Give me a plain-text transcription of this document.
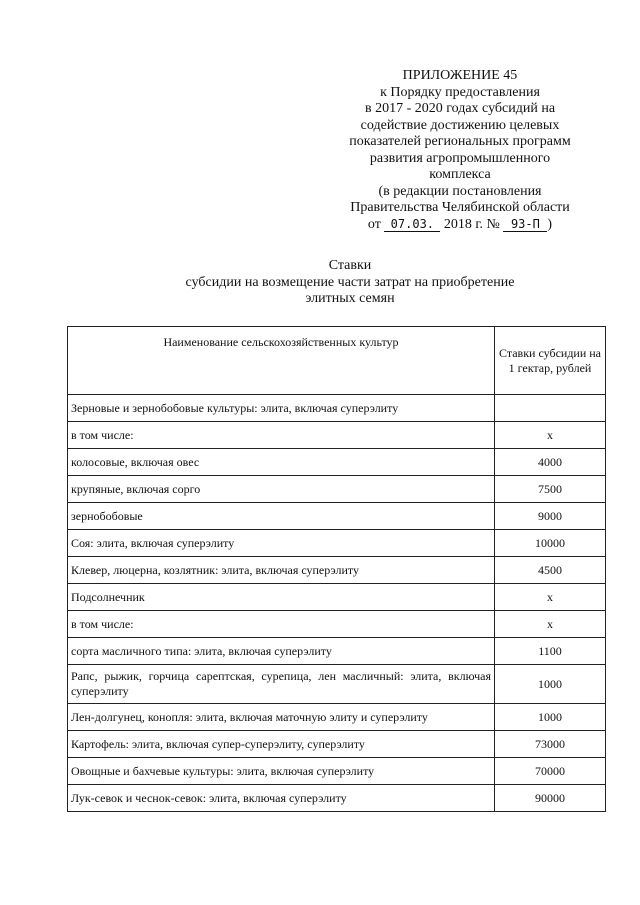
ПРИЛОЖЕНИЕ 45
к Порядку предоставления
в 2017 - 2020 годах субсидий на
содействие достижению целевых
показателей региональных программ
развития агропромышленного
комплекса
(в редакции постановления
Правительства Челябинской области
от 07.03. 2018 г. № 93-П )
Ставки
субсидии на возмещение части затрат на приобретение
элитных семян
Наименование сельскохозяйственных культур	Ставки субсидии на 1 гектар, рублей
Зерновые и зернобобовые культуры: элита, включая суперэлиту	
в том числе:	х
колосовые, включая овес	4000
крупяные, включая сорго	7500
зернобобовые	9000
Соя: элита, включая суперэлиту	10000
Клевер, люцерна, козлятник: элита, включая суперэлиту	4500
Подсолнечник	х
в том числе:	х
сорта масличного типа: элита, включая суперэлиту	1100
Рапс, рыжик, горчица сарептская, сурепица, лен масличный: элита, включая суперэлиту	1000
Лен-долгунец, конопля: элита, включая маточную элиту и суперэлиту	1000
Картофель: элита, включая супер-суперэлиту, суперэлиту	73000
Овощные и бахчевые культуры: элита, включая суперэлиту	70000
Лук-севок и чеснок-севок: элита, включая суперэлиту	90000
